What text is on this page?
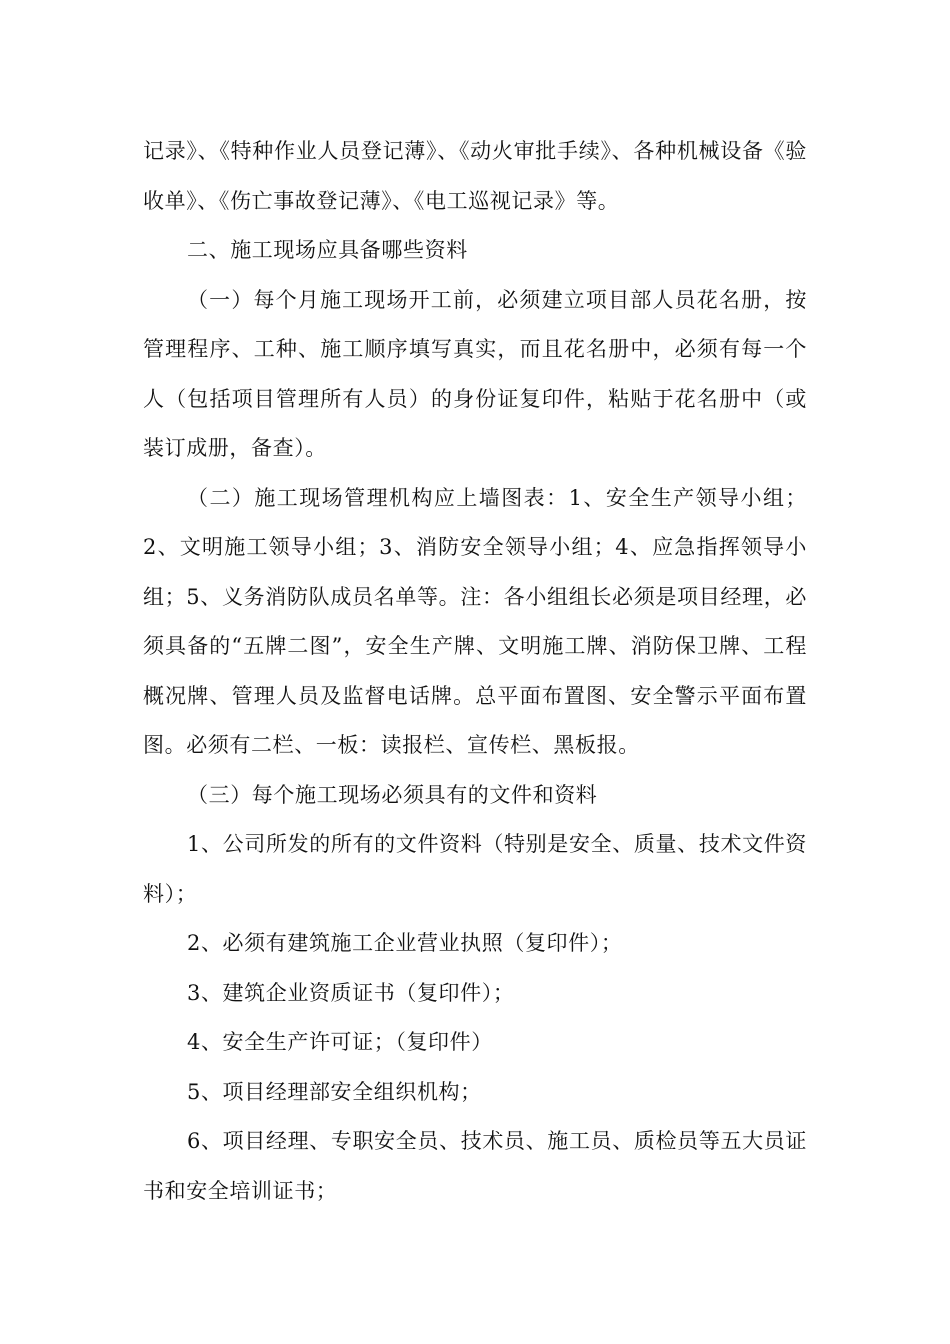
记录》、《特种作业人员登记薄》、《动火审批手续》、各种机械设备《验收单》、《伤亡事故登记薄》、《电工巡视记录》等。

二、施工现场应具备哪些资料

（一）每个月施工现场开工前，必须建立项目部人员花名册，按管理程序、工种、施工顺序填写真实，而且花名册中，必须有每一个人（包括项目管理所有人员）的身份证复印件，粘贴于花名册中（或装订成册，备查）。

（二）施工现场管理机构应上墙图表：1、安全生产领导小组；2、文明施工领导小组；3、消防安全领导小组；4、应急指挥领导小组；5、义务消防队成员名单等。注：各小组组长必须是项目经理，必须具备的“五牌二图”，安全生产牌、文明施工牌、消防保卫牌、工程概况牌、管理人员及监督电话牌。总平面布置图、安全警示平面布置图。必须有二栏、一板：读报栏、宣传栏、黑板报。

（三）每个施工现场必须具有的文件和资料

1、公司所发的所有的文件资料（特别是安全、质量、技术文件资料）；

2、必须有建筑施工企业营业执照（复印件）；

3、建筑企业资质证书（复印件）；

4、安全生产许可证；（复印件）

5、项目经理部安全组织机构；

6、项目经理、专职安全员、技术员、施工员、质检员等五大员证书和安全培训证书；
